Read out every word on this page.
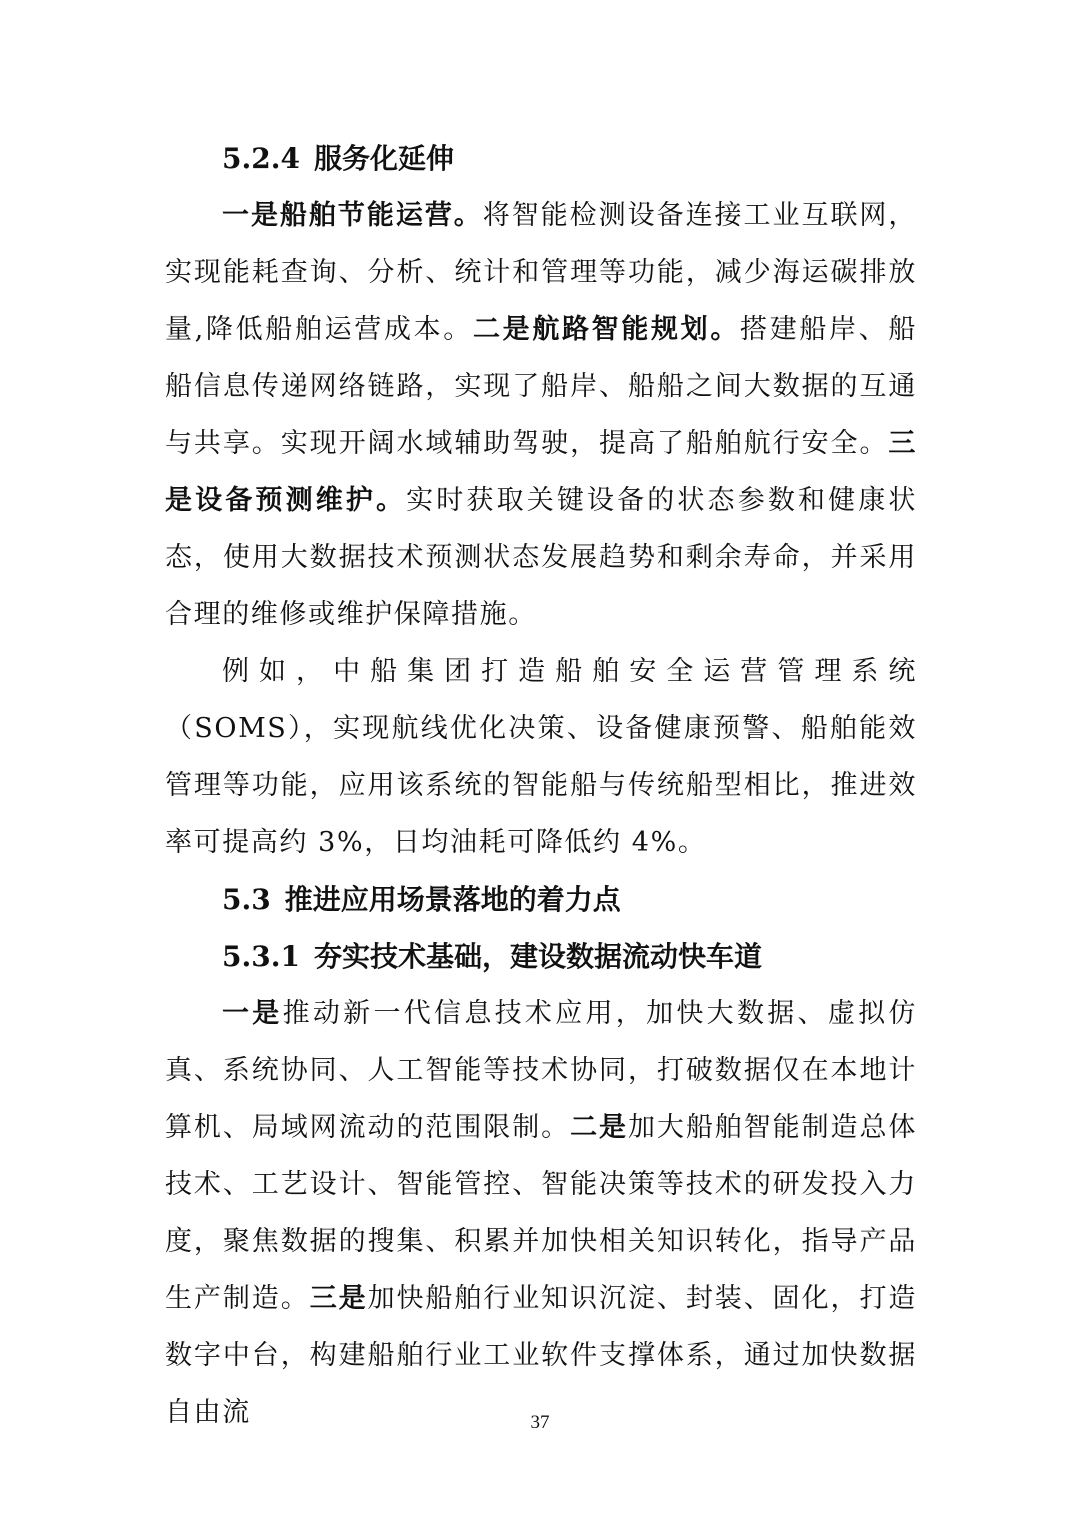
5.2.4 服务化延伸

一是船舶节能运营。将智能检测设备连接工业互联网，实现能耗查询、分析、统计和管理等功能，减少海运碳排放量,降低船舶运营成本。二是航路智能规划。搭建船岸、船船信息传递网络链路，实现了船岸、船船之间大数据的互通与共享。实现开阔水域辅助驾驶，提高了船舶航行安全。三是设备预测维护。实时获取关键设备的状态参数和健康状态，使用大数据技术预测状态发展趋势和剩余寿命，并采用合理的维修或维护保障措施。

例如，中船集团打造船舶安全运营管理系统（SOMS），实现航线优化决策、设备健康预警、船舶能效管理等功能，应用该系统的智能船与传统船型相比，推进效率可提高约 3%，日均油耗可降低约 4%。

5.3 推进应用场景落地的着力点
5.3.1 夯实技术基础，建设数据流动快车道

一是推动新一代信息技术应用，加快大数据、虚拟仿真、系统协同、人工智能等技术协同，打破数据仅在本地计算机、局域网流动的范围限制。二是加大船舶智能制造总体技术、工艺设计、智能管控、智能决策等技术的研发投入力度，聚焦数据的搜集、积累并加快相关知识转化，指导产品生产制造。三是加快船舶行业知识沉淀、封装、固化，打造数字中台，构建船舶行业工业软件支撑体系，通过加快数据自由流	37
